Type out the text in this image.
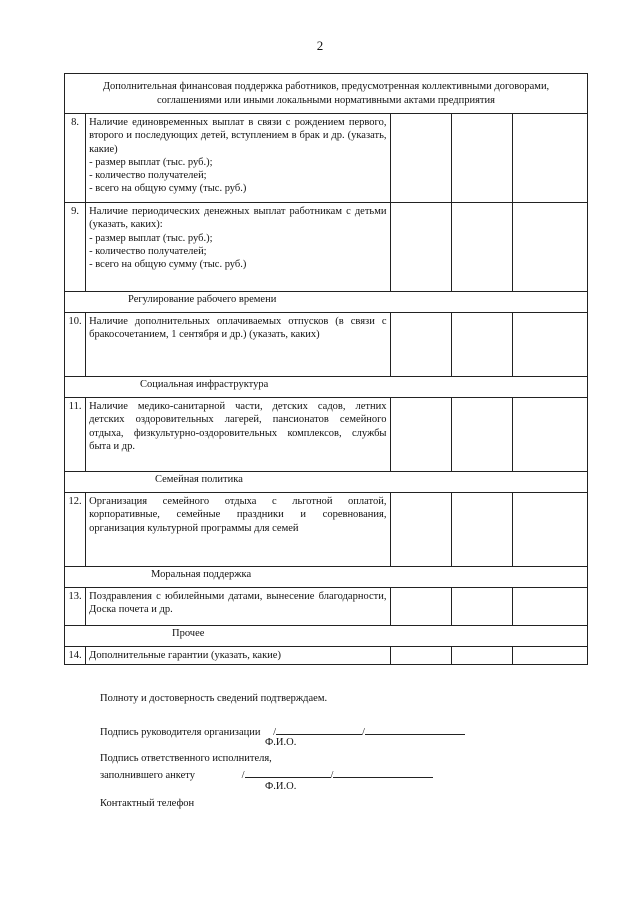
2
Дополнительная финансовая поддержка работников, предусмотренная коллективными договорами, соглашениями или иными локальными нормативными актами предприятия				
8.	Наличие единовременных выплат в связи с рождением первого, второго и последующих детей, вступлением в брак и др. (указать, какие)
- размер выплат (тыс. руб.);
- количество получателей;
- всего на общую сумму (тыс. руб.)			

9.	Наличие периодических денежных выплат работникам с детьми (указать, каких):
- размер выплат (тыс. руб.);
- количество получателей;
- всего на общую сумму (тыс. руб.)			

Регулирование рабочего времени				
10.	Наличие дополнительных оплачиваемых отпусков (в связи с бракосочетанием, 1 сентября и др.) (указать, каких)			

Социальная инфраструктура				
11.	Наличие медико-санитарной части, детских садов, летних детских оздоровительных лагерей, пансионатов семейного отдыха, физкультурно-оздоровительных комплексов, службы быта и др.			

Семейная политика				
12.	Организация семейного отдыха с льготной оплатой, корпоративные, семейные праздники и соревнования, организация культурной программы для семей			

Моральная поддержка				
13.	Поздравления с юбилейными датами, вынесение благодарности, Доска почета и др.			

Прочее				
14.	Дополнительные гарантии (указать, какие)			

Полноту и достоверность сведений подтверждаем.
Подпись руководителя организации /	/
Ф.И.О.
Подпись ответственного исполнителя,
заполнившего анкету	/	/
Ф.И.О.
Контактный телефон
